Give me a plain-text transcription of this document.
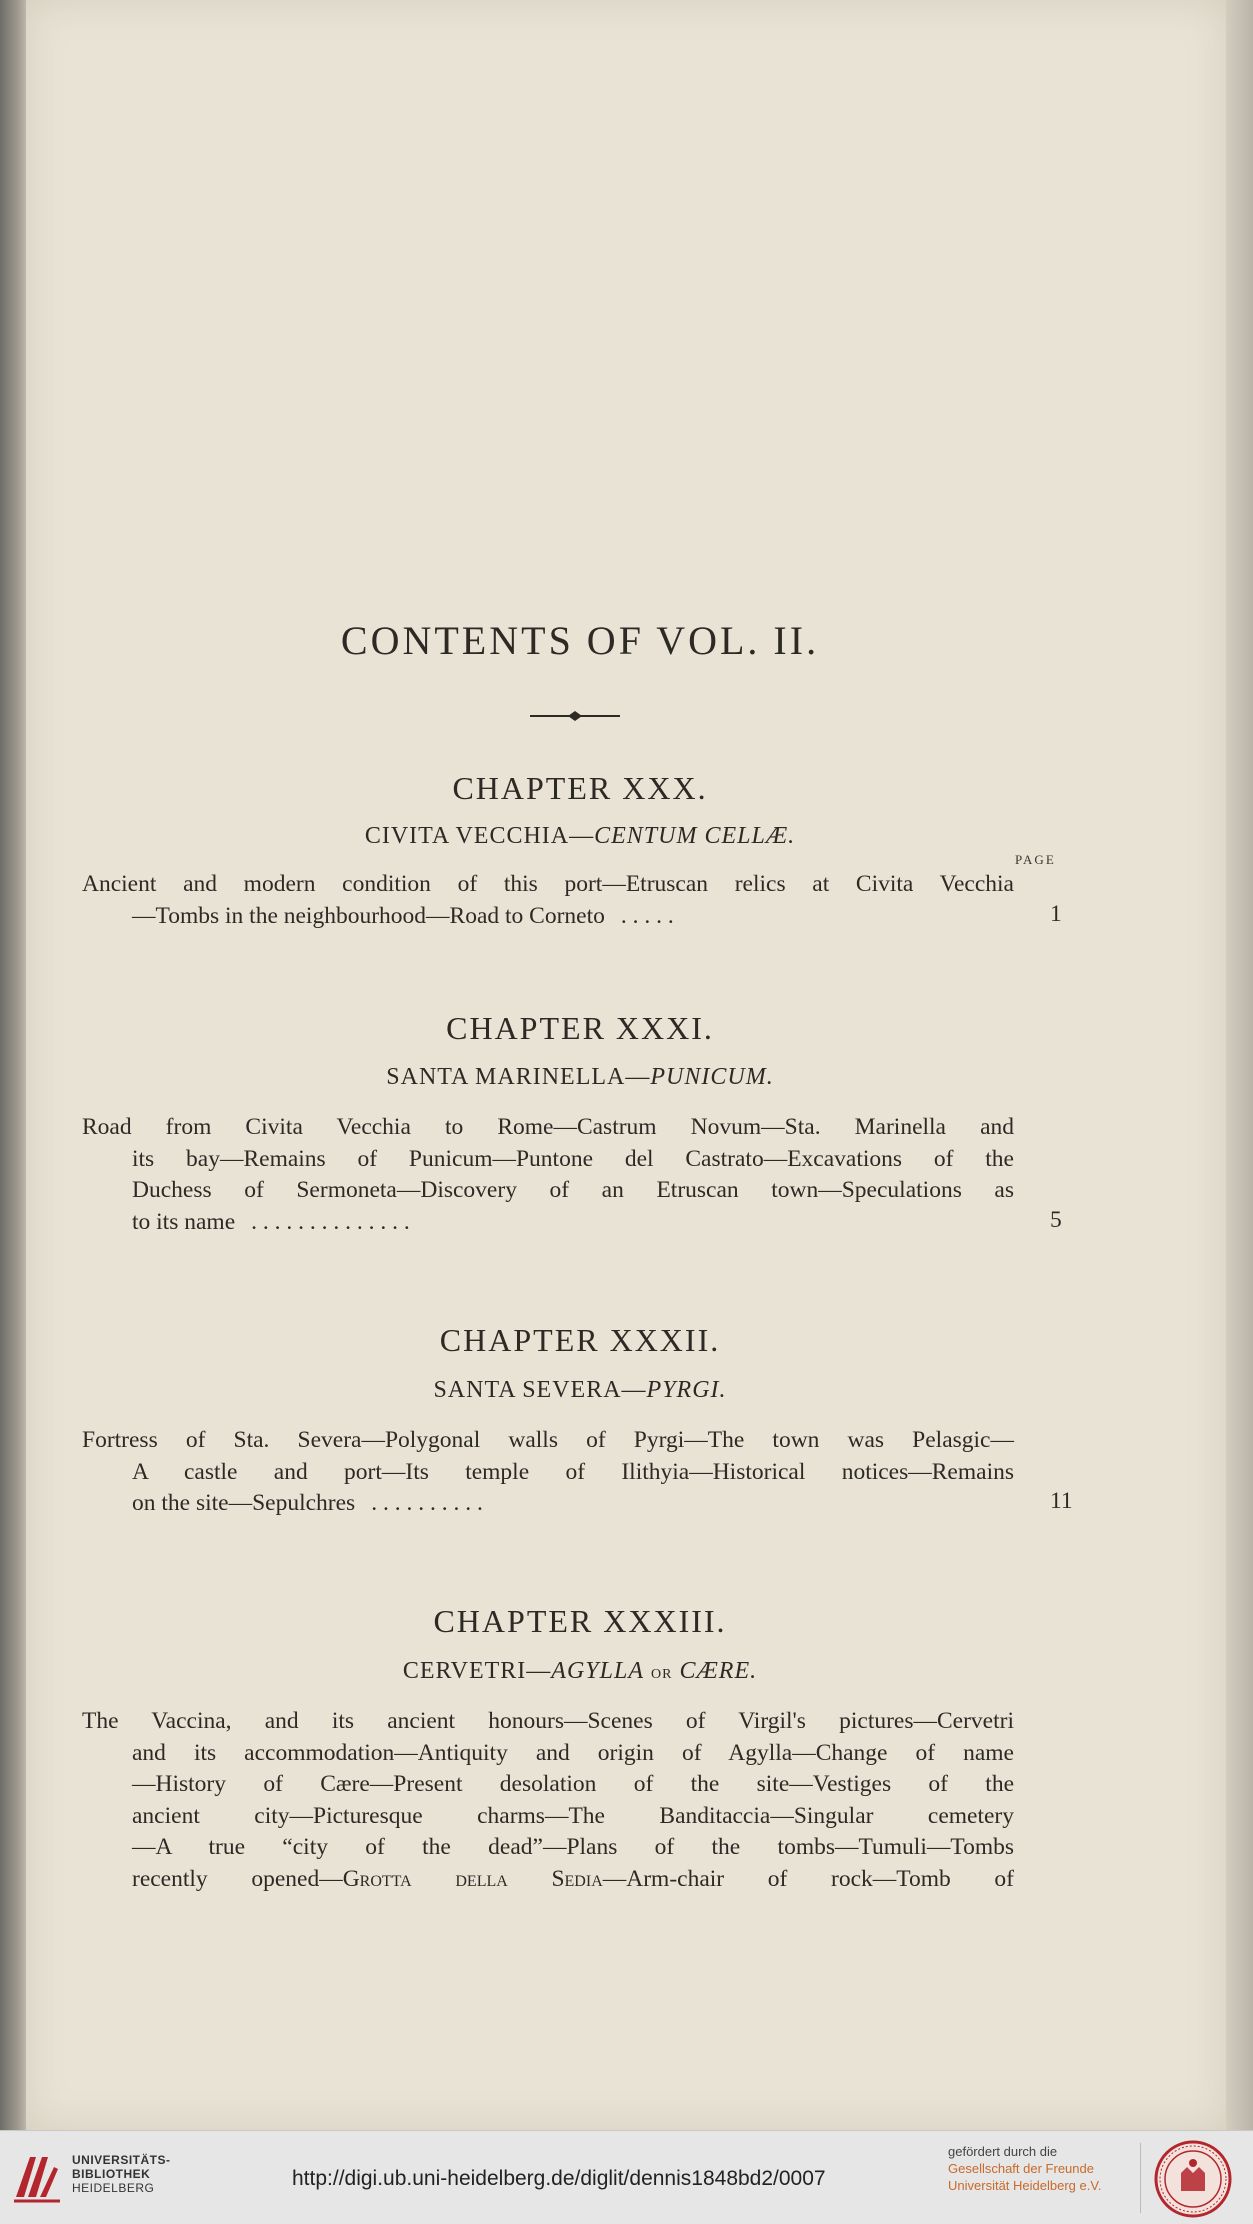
CONTENTS OF VOL. II.
CHAPTER XXX.
CIVITA VECCHIA—CENTUM CELLÆ.
PAGE
Ancient and modern condition of this port—Etruscan relics at Civita Vecchia
—Tombs in the neighbourhood—Road to Corneto . . . . .	1
CHAPTER XXXI.
SANTA MARINELLA—PUNICUM.
Road from Civita Vecchia to Rome—Castrum Novum—Sta. Marinella and
its bay—Remains of Punicum—Puntone del Castrato—Excavations of the
Duchess of Sermoneta—Discovery of an Etruscan town—Speculations as
to its name . . . . . . . . . . . . . .	5
CHAPTER XXXII.
SANTA SEVERA—PYRGI.
Fortress of Sta. Severa—Polygonal walls of Pyrgi—The town was Pelasgic—
A castle and port—Its temple of Ilithyia—Historical notices—Remains
on the site—Sepulchres . . . . . . . . . .	11
CHAPTER XXXIII.
CERVETRI—AGYLLA or CÆRE.
The Vaccina, and its ancient honours—Scenes of Virgil's pictures—Cervetri
and its accommodation—Antiquity and origin of Agylla—Change of name
—History of Cære—Present desolation of the site—Vestiges of the
ancient city—Picturesque charms—The Banditaccia—Singular cemetery
—A true “city of the dead”—Plans of the tombs—Tumuli—Tombs
recently opened—Grotta della Sedia—Arm-chair of rock—Tomb of
UNIVERSITÄTS-
BIBLIOTHEK
HEIDELBERG	http://digi.ub.uni-heidelberg.de/diglit/dennis1848bd2/0007
gefördert durch die
Gesellschaft der Freunde
Universität Heidelberg e.V.
